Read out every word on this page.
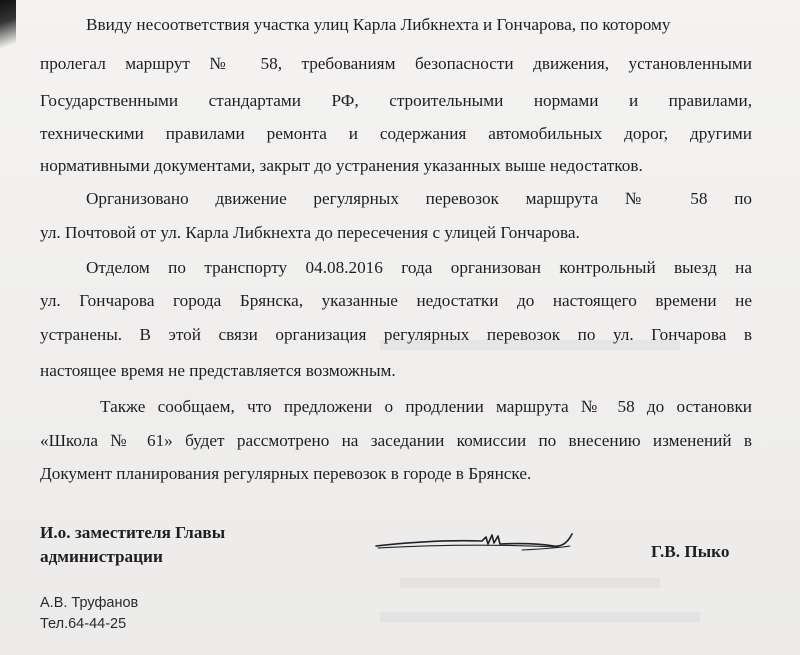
Ввиду несоответствия участка улиц Карла Либкнехта и Гончарова, по которому
пролегал маршрут № 58, требованиям безопасности движения, установленными
Государственными стандартами РФ, строительными нормами и правилами,
техническими правилами ремонта и содержания автомобильных дорог, другими
нормативными документами, закрыт до устранения указанных выше недостатков.
Организовано движение регулярных перевозок маршрута № 58 по
ул. Почтовой от ул. Карла Либкнехта до пересечения с улицей Гончарова.
Отделом по транспорту 04.08.2016 года организован контрольный выезд на
ул. Гончарова города Брянска, указанные недостатки до настоящего времени не
устранены. В этой связи организация регулярных перевозок по ул. Гончарова в
настоящее время не представляется возможным.
Также сообщаем, что предложени о продлении маршрута № 58 до остановки
«Школа № 61» будет рассмотрено на заседании комиссии по внесению изменений в
Документ планирования регулярных перевозок в городе в Брянске.
И.о. заместителя Главы
администрации	Г.В. Пыко
А.В. Труфанов
Тел.64-44-25
